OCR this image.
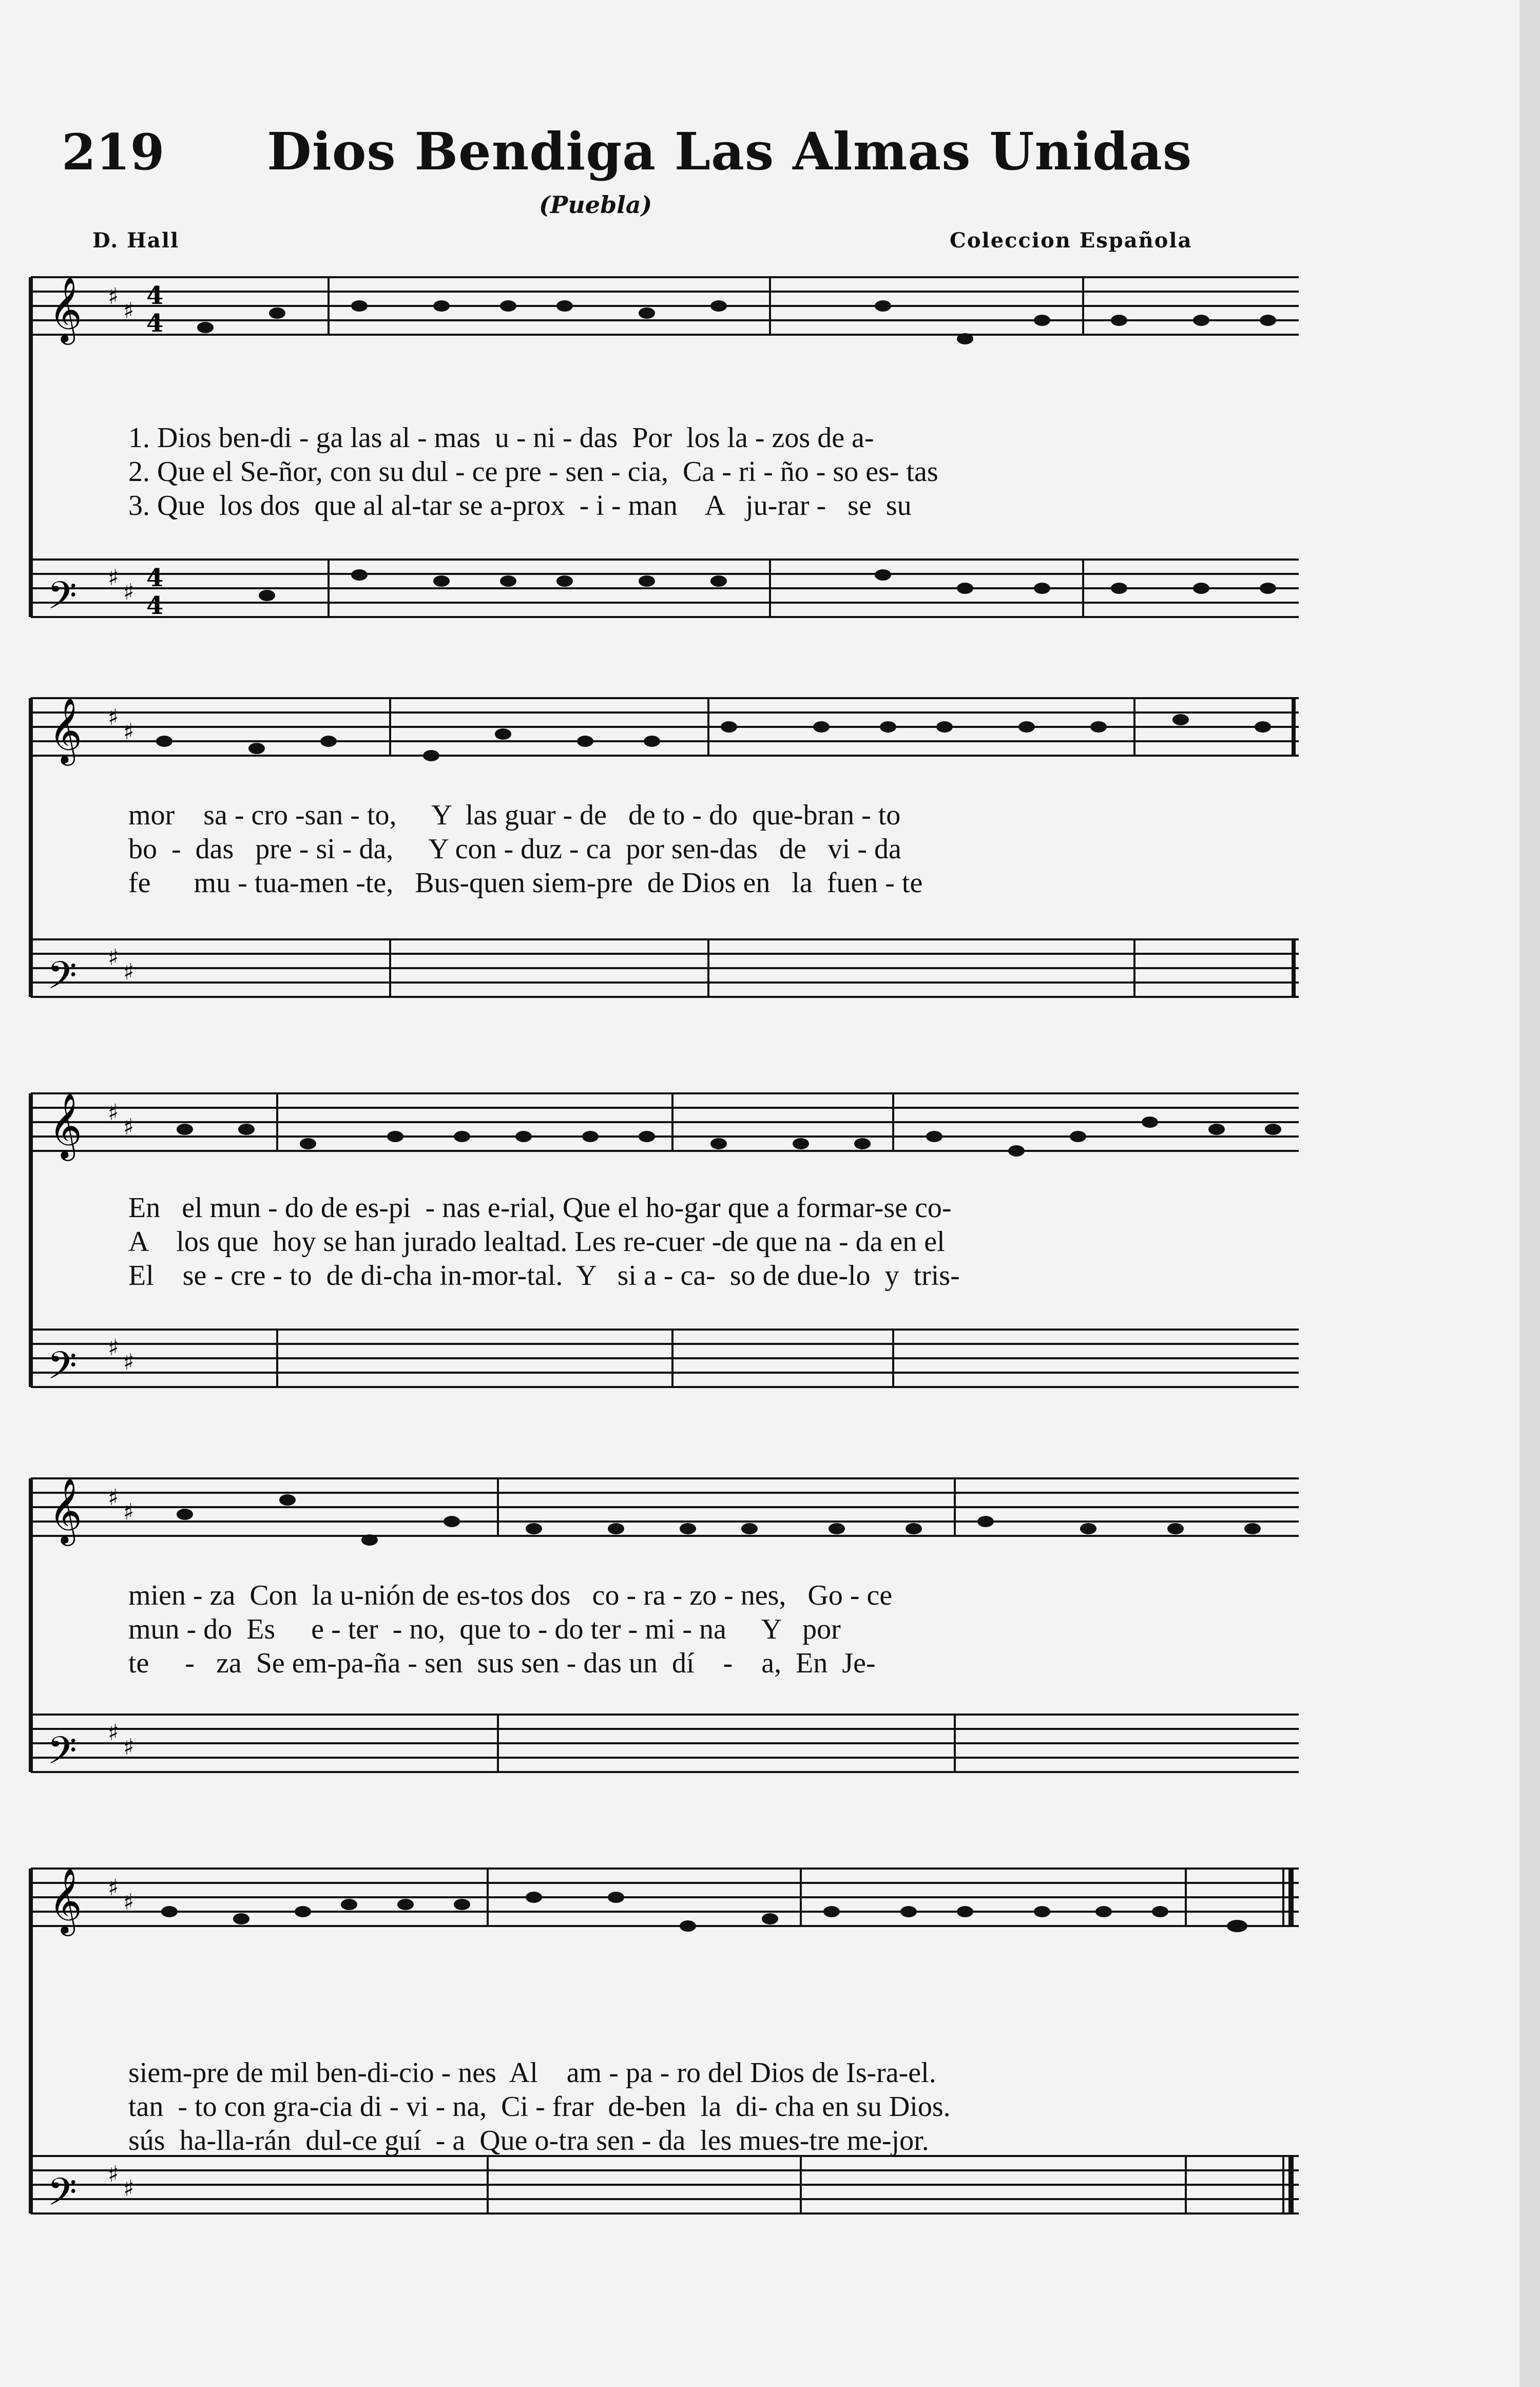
219 Dios Bendiga Las Almas Unidas
(Puebla)
D. Hall	Coleccion Española
𝄞
𝄢
♯
♯
♯
♯
4
4
4
4
1. Dios ben-di - ga las al - mas  u - ni - das  Por  los la - zos de a-
2. Que el Se-ñor, con su dul - ce pre - sen - cia,  Ca - ri - ño - so es- tas
3. Que  los dos  que al al-tar se a-prox  - i - man    A   ju-rar -   se  su
𝄞
𝄢
♯
♯
♯
♯
mor    sa - cro -san - to,     Y  las guar - de   de to - do  que-bran - to
bo  -  das   pre - si - da,     Y con - duz - ca  por sen-das   de   vi - da
fe      mu - tua-men -te,   Bus-quen siem-pre  de Dios en   la  fuen - te
𝄞
𝄢
♯
♯
♯
♯
En   el mun - do de es-pi  - nas e-rial, Que el ho-gar que a formar-se co-
A    los que  hoy se han jurado lealtad. Les re-cuer -de que na - da en el
El    se - cre - to  de di-cha in-mor-tal.  Y   si a - ca-  so de due-lo  y  tris-
𝄞
𝄢
♯
♯
♯
♯
mien - za  Con  la u-nión de es-tos dos   co - ra - zo - nes,   Go - ce
mun - do  Es     e - ter  - no,  que to - do ter - mi - na     Y   por
te     -   za  Se em-pa-ña - sen  sus sen - das un  dí    -    a,  En  Je-
𝄞
𝄢
♯
♯
♯
♯
siem-pre de mil ben-di-cio - nes  Al    am - pa - ro del Dios de Is-ra-el.
tan  - to con gra-cia di - vi - na,  Ci - frar  de-ben  la  di- cha en su Dios.
sús  ha-lla-rán  dul-ce guí  - a  Que o-tra sen - da  les mues-tre me-jor.
